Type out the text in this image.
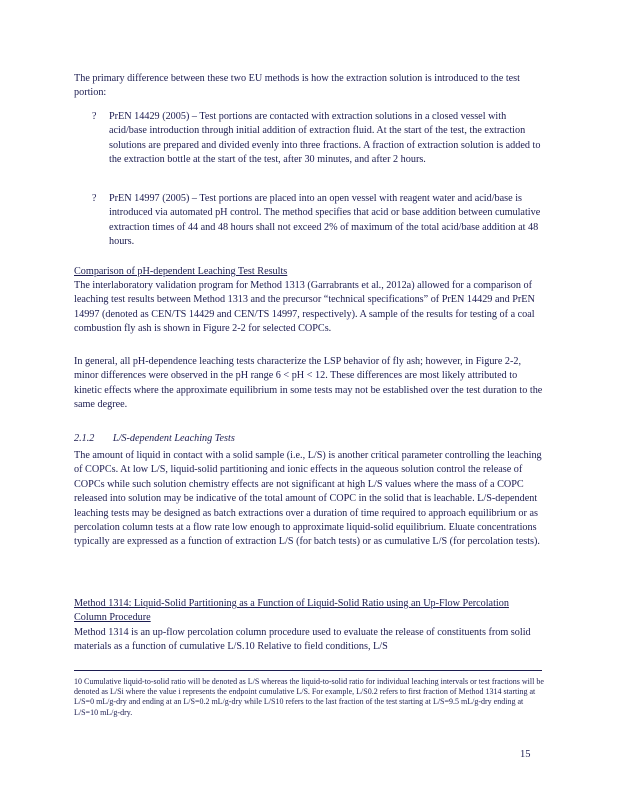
The primary difference between these two EU methods is how the extraction solution is introduced to the test portion:

? PrEN 14429 (2005) – Test portions are contacted with extraction solutions in a closed vessel with acid/base introduction through initial addition of extraction fluid. At the start of the test, the extraction solutions are prepared and divided evenly into three fractions. A fraction of extraction solution is added to the extraction bottle at the start of the test, after 30 minutes, and after 2 hours.

? PrEN 14997 (2005) – Test portions are placed into an open vessel with reagent water and acid/base is introduced via automated pH control. The method specifies that acid or base addition between cumulative extraction times of 44 and 48 hours shall not exceed 2% of maximum of the total acid/base addition at 48 hours.

Comparison of pH-dependent Leaching Test Results

The interlaboratory validation program for Method 1313 (Garrabrants et al., 2012a) allowed for a comparison of leaching test results between Method 1313 and the precursor “technical specifications” of PrEN 14429 and PrEN 14997 (denoted as CEN/TS 14429 and CEN/TS 14997, respectively). A sample of the results for testing of a coal combustion fly ash is shown in Figure 2-2 for selected COPCs.

In general, all pH-dependence leaching tests characterize the LSP behavior of fly ash; however, in Figure 2-2, minor differences were observed in the pH range 6 < pH < 12. These differences are most likely attributed to kinetic effects where the approximate equilibrium in some tests may not be established over the test duration to the same degree.

2.1.2 L/S-dependent Leaching Tests

The amount of liquid in contact with a solid sample (i.e., L/S) is another critical parameter controlling the leaching of COPCs. At low L/S, liquid-solid partitioning and ionic effects in the aqueous solution control the release of COPCs while such solution chemistry effects are not significant at high L/S values where the mass of a COPC released into solution may be indicative of the total amount of COPC in the solid that is leachable. L/S-dependent leaching tests may be designed as batch extractions over a duration of time required to approach equilibrium or as percolation column tests at a flow rate low enough to approximate liquid-solid equilibrium. Eluate concentrations typically are expressed as a function of extraction L/S (for batch tests) or as cumulative L/S (for percolation tests).

Method 1314: Liquid-Solid Partitioning as a Function of Liquid-Solid Ratio using an Up-Flow Percolation Column Procedure

Method 1314 is an up-flow percolation column procedure used to evaluate the release of constituents from solid materials as a function of cumulative L/S.10 Relative to field conditions, L/S

10 Cumulative liquid-to-solid ratio will be denoted as L/S whereas the liquid-to-solid ratio for individual leaching intervals or test fractions will be denoted as L/Si where the value i represents the endpoint cumulative L/S. For example, L/S0.2 refers to first fraction of Method 1314 starting at L/S=0 mL/g-dry and ending at an L/S=0.2 mL/g-dry while L/S10 refers to the last fraction of the test starting at L/S=9.5 mL/g-dry ending at L/S=10 mL/g-dry.

15
